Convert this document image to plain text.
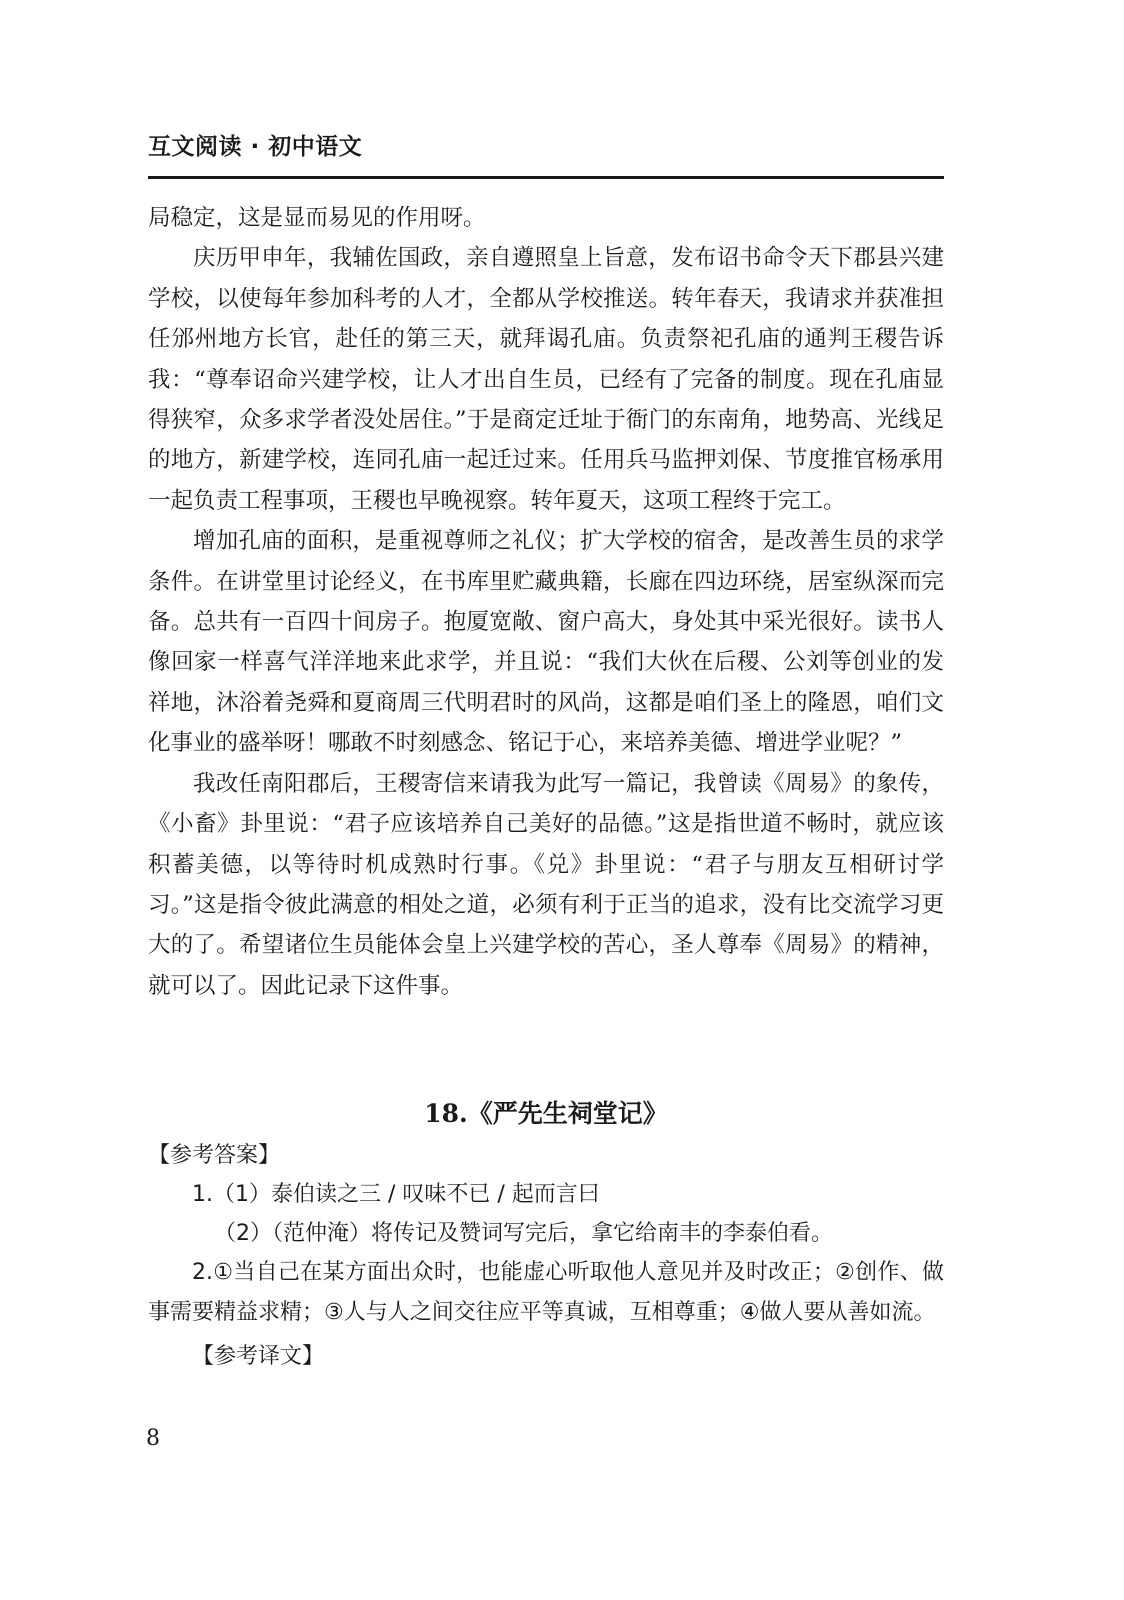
互文阅读 · 初中语文

局稳定，这是显而易见的作用呀。

庆历甲申年，我辅佐国政，亲自遵照皇上旨意，发布诏书命令天下郡县兴建学校，以使每年参加科考的人才，全都从学校推送。转年春天，我请求并获准担任邠州地方长官，赴任的第三天，就拜谒孔庙。负责祭祀孔庙的通判王稷告诉我：“尊奉诏命兴建学校，让人才出自生员，已经有了完备的制度。现在孔庙显得狭窄，众多求学者没处居住。”于是商定迁址于衙门的东南角，地势高、光线足的地方，新建学校，连同孔庙一起迁过来。任用兵马监押刘保、节度推官杨承用一起负责工程事项，王稷也早晚视察。转年夏天，这项工程终于完工。

增加孔庙的面积，是重视尊师之礼仪；扩大学校的宿舍，是改善生员的求学条件。在讲堂里讨论经义，在书库里贮藏典籍，长廊在四边环绕，居室纵深而完备。总共有一百四十间房子。抱厦宽敞、窗户高大，身处其中采光很好。读书人像回家一样喜气洋洋地来此求学，并且说：“我们大伙在后稷、公刘等创业的发祥地，沐浴着尧舜和夏商周三代明君时的风尚，这都是咱们圣上的隆恩，咱们文化事业的盛举呀！哪敢不时刻感念、铭记于心，来培养美德、增进学业呢？”

我改任南阳郡后，王稷寄信来请我为此写一篇记，我曾读《周易》的象传，《小畜》卦里说：“君子应该培养自己美好的品德。”这是指世道不畅时，就应该积蓄美德，以等待时机成熟时行事。《兑》卦里说：“君子与朋友互相研讨学习。”这是指令彼此满意的相处之道，必须有利于正当的追求，没有比交流学习更大的了。希望诸位生员能体会皇上兴建学校的苦心，圣人尊奉《周易》的精神，就可以了。因此记录下这件事。

18.《严先生祠堂记》

【参考答案】

1.（1）泰伯读之三 / 叹味不已 / 起而言曰

（2）（范仲淹）将传记及赞词写完后，拿它给南丰的李泰伯看。

2.①当自己在某方面出众时，也能虚心听取他人意见并及时改正；②创作、做事需要精益求精；③人与人之间交往应平等真诚，互相尊重；④做人要从善如流。

【参考译文】

8
